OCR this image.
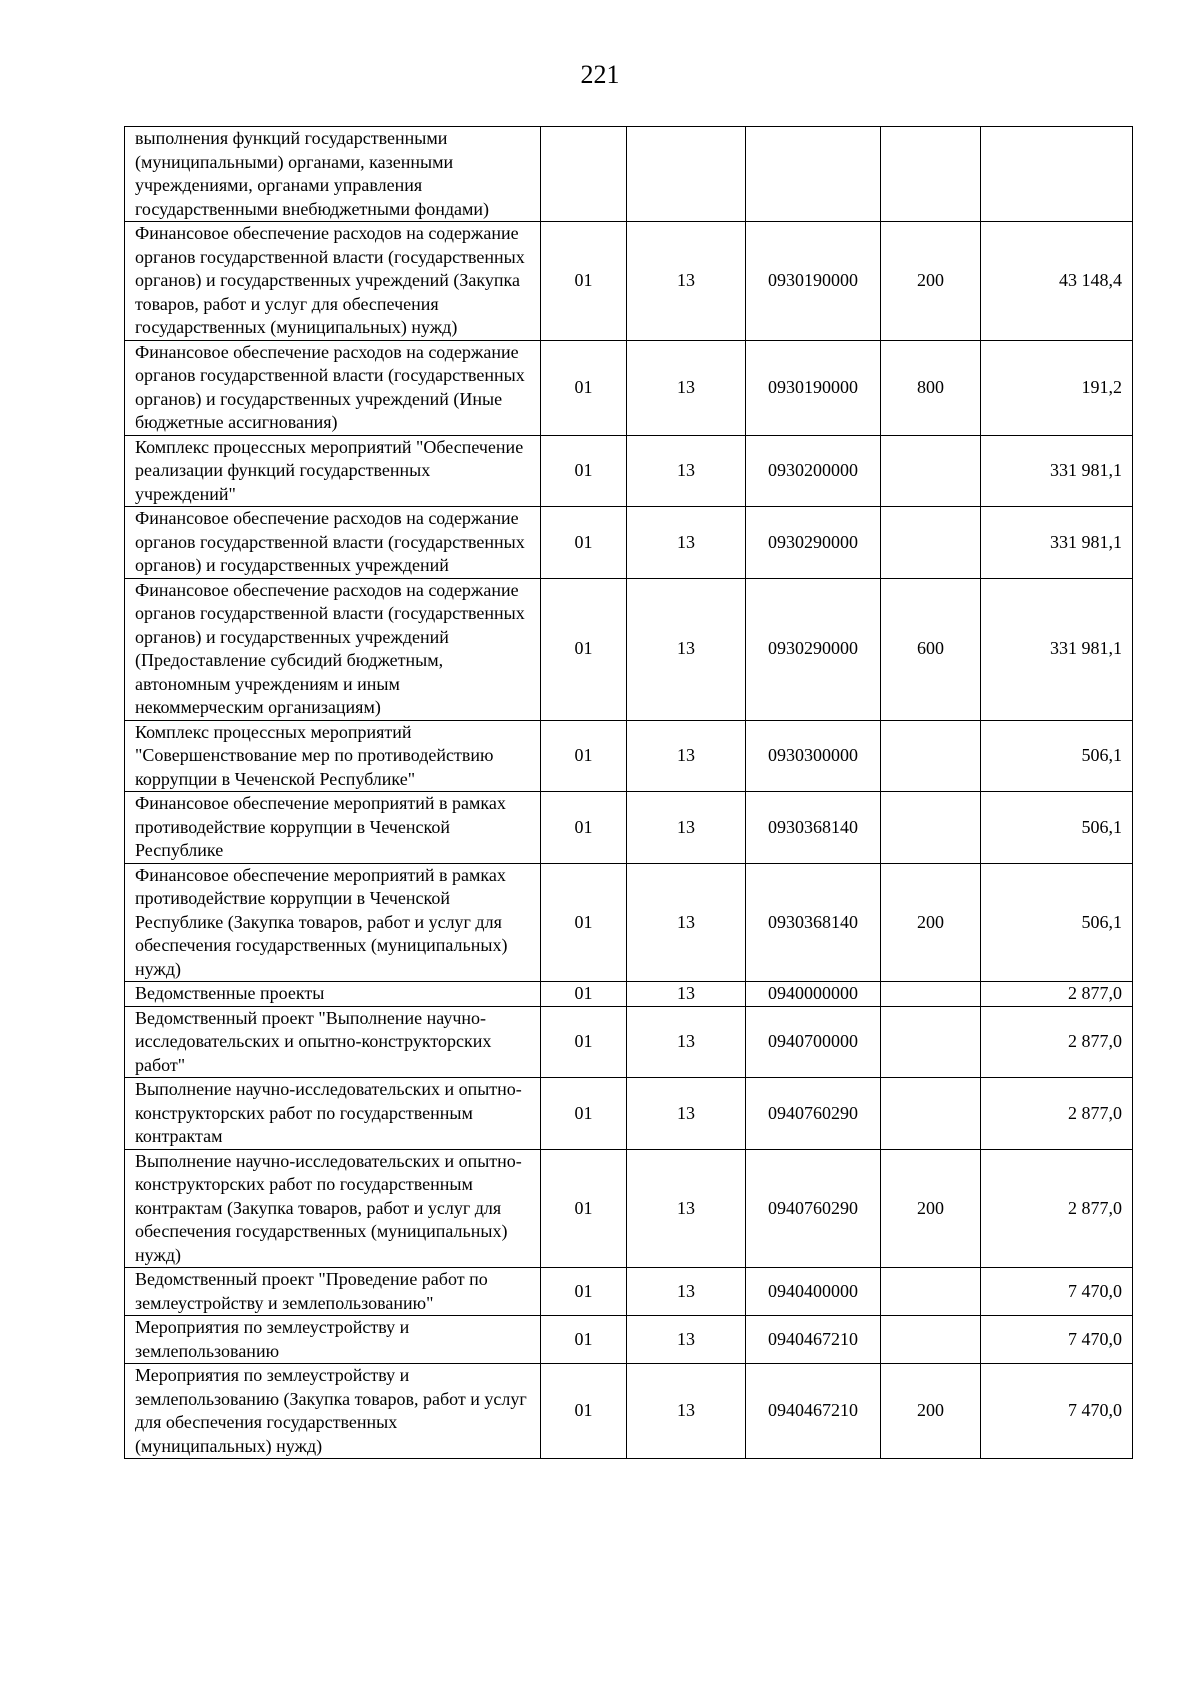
221
выполнения функций государственными (муниципальными) органами, казенными учреждениями, органами управления государственными внебюджетными фондами)					
Финансовое обеспечение расходов на содержание органов государственной власти (государственных органов) и государственных учреждений (Закупка товаров, работ и услуг для обеспечения государственных (муниципальных) нужд)	01	13	0930190000	200	43 148,4
Финансовое обеспечение расходов на содержание органов государственной власти (государственных органов) и государственных учреждений (Иные бюджетные ассигнования)	01	13	0930190000	800	191,2
Комплекс процессных мероприятий "Обеспечение реализации функций государственных учреждений"	01	13	0930200000		331 981,1
Финансовое обеспечение расходов на содержание органов государственной власти (государственных органов) и государственных учреждений	01	13	0930290000		331 981,1
Финансовое обеспечение расходов на содержание органов государственной власти (государственных органов) и государственных учреждений (Предоставление субсидий бюджетным, автономным учреждениям и иным некоммерческим организациям)	01	13	0930290000	600	331 981,1
Комплекс процессных мероприятий "Совершенствование мер по противодействию коррупции в Чеченской Республике"	01	13	0930300000		506,1
Финансовое обеспечение мероприятий в рамках противодействие коррупции в Чеченской Республике	01	13	0930368140		506,1
Финансовое обеспечение мероприятий в рамках противодействие коррупции в Чеченской Республике (Закупка товаров, работ и услуг для обеспечения государственных (муниципальных) нужд)	01	13	0930368140	200	506,1
Ведомственные проекты	01	13	0940000000		2 877,0
Ведомственный проект "Выполнение научно-исследовательских и опытно-конструкторских работ"	01	13	0940700000		2 877,0
Выполнение научно-исследовательских и опытно-конструкторских работ по государственным контрактам	01	13	0940760290		2 877,0
Выполнение научно-исследовательских и опытно-конструкторских работ по государственным контрактам (Закупка товаров, работ и услуг для обеспечения государственных (муниципальных) нужд)	01	13	0940760290	200	2 877,0
Ведомственный проект "Проведение работ по землеустройству и землепользованию"	01	13	0940400000		7 470,0
Мероприятия по землеустройству и землепользованию	01	13	0940467210		7 470,0
Мероприятия по землеустройству и землепользованию (Закупка товаров, работ и услуг для обеспечения государственных (муниципальных) нужд)	01	13	0940467210	200	7 470,0
